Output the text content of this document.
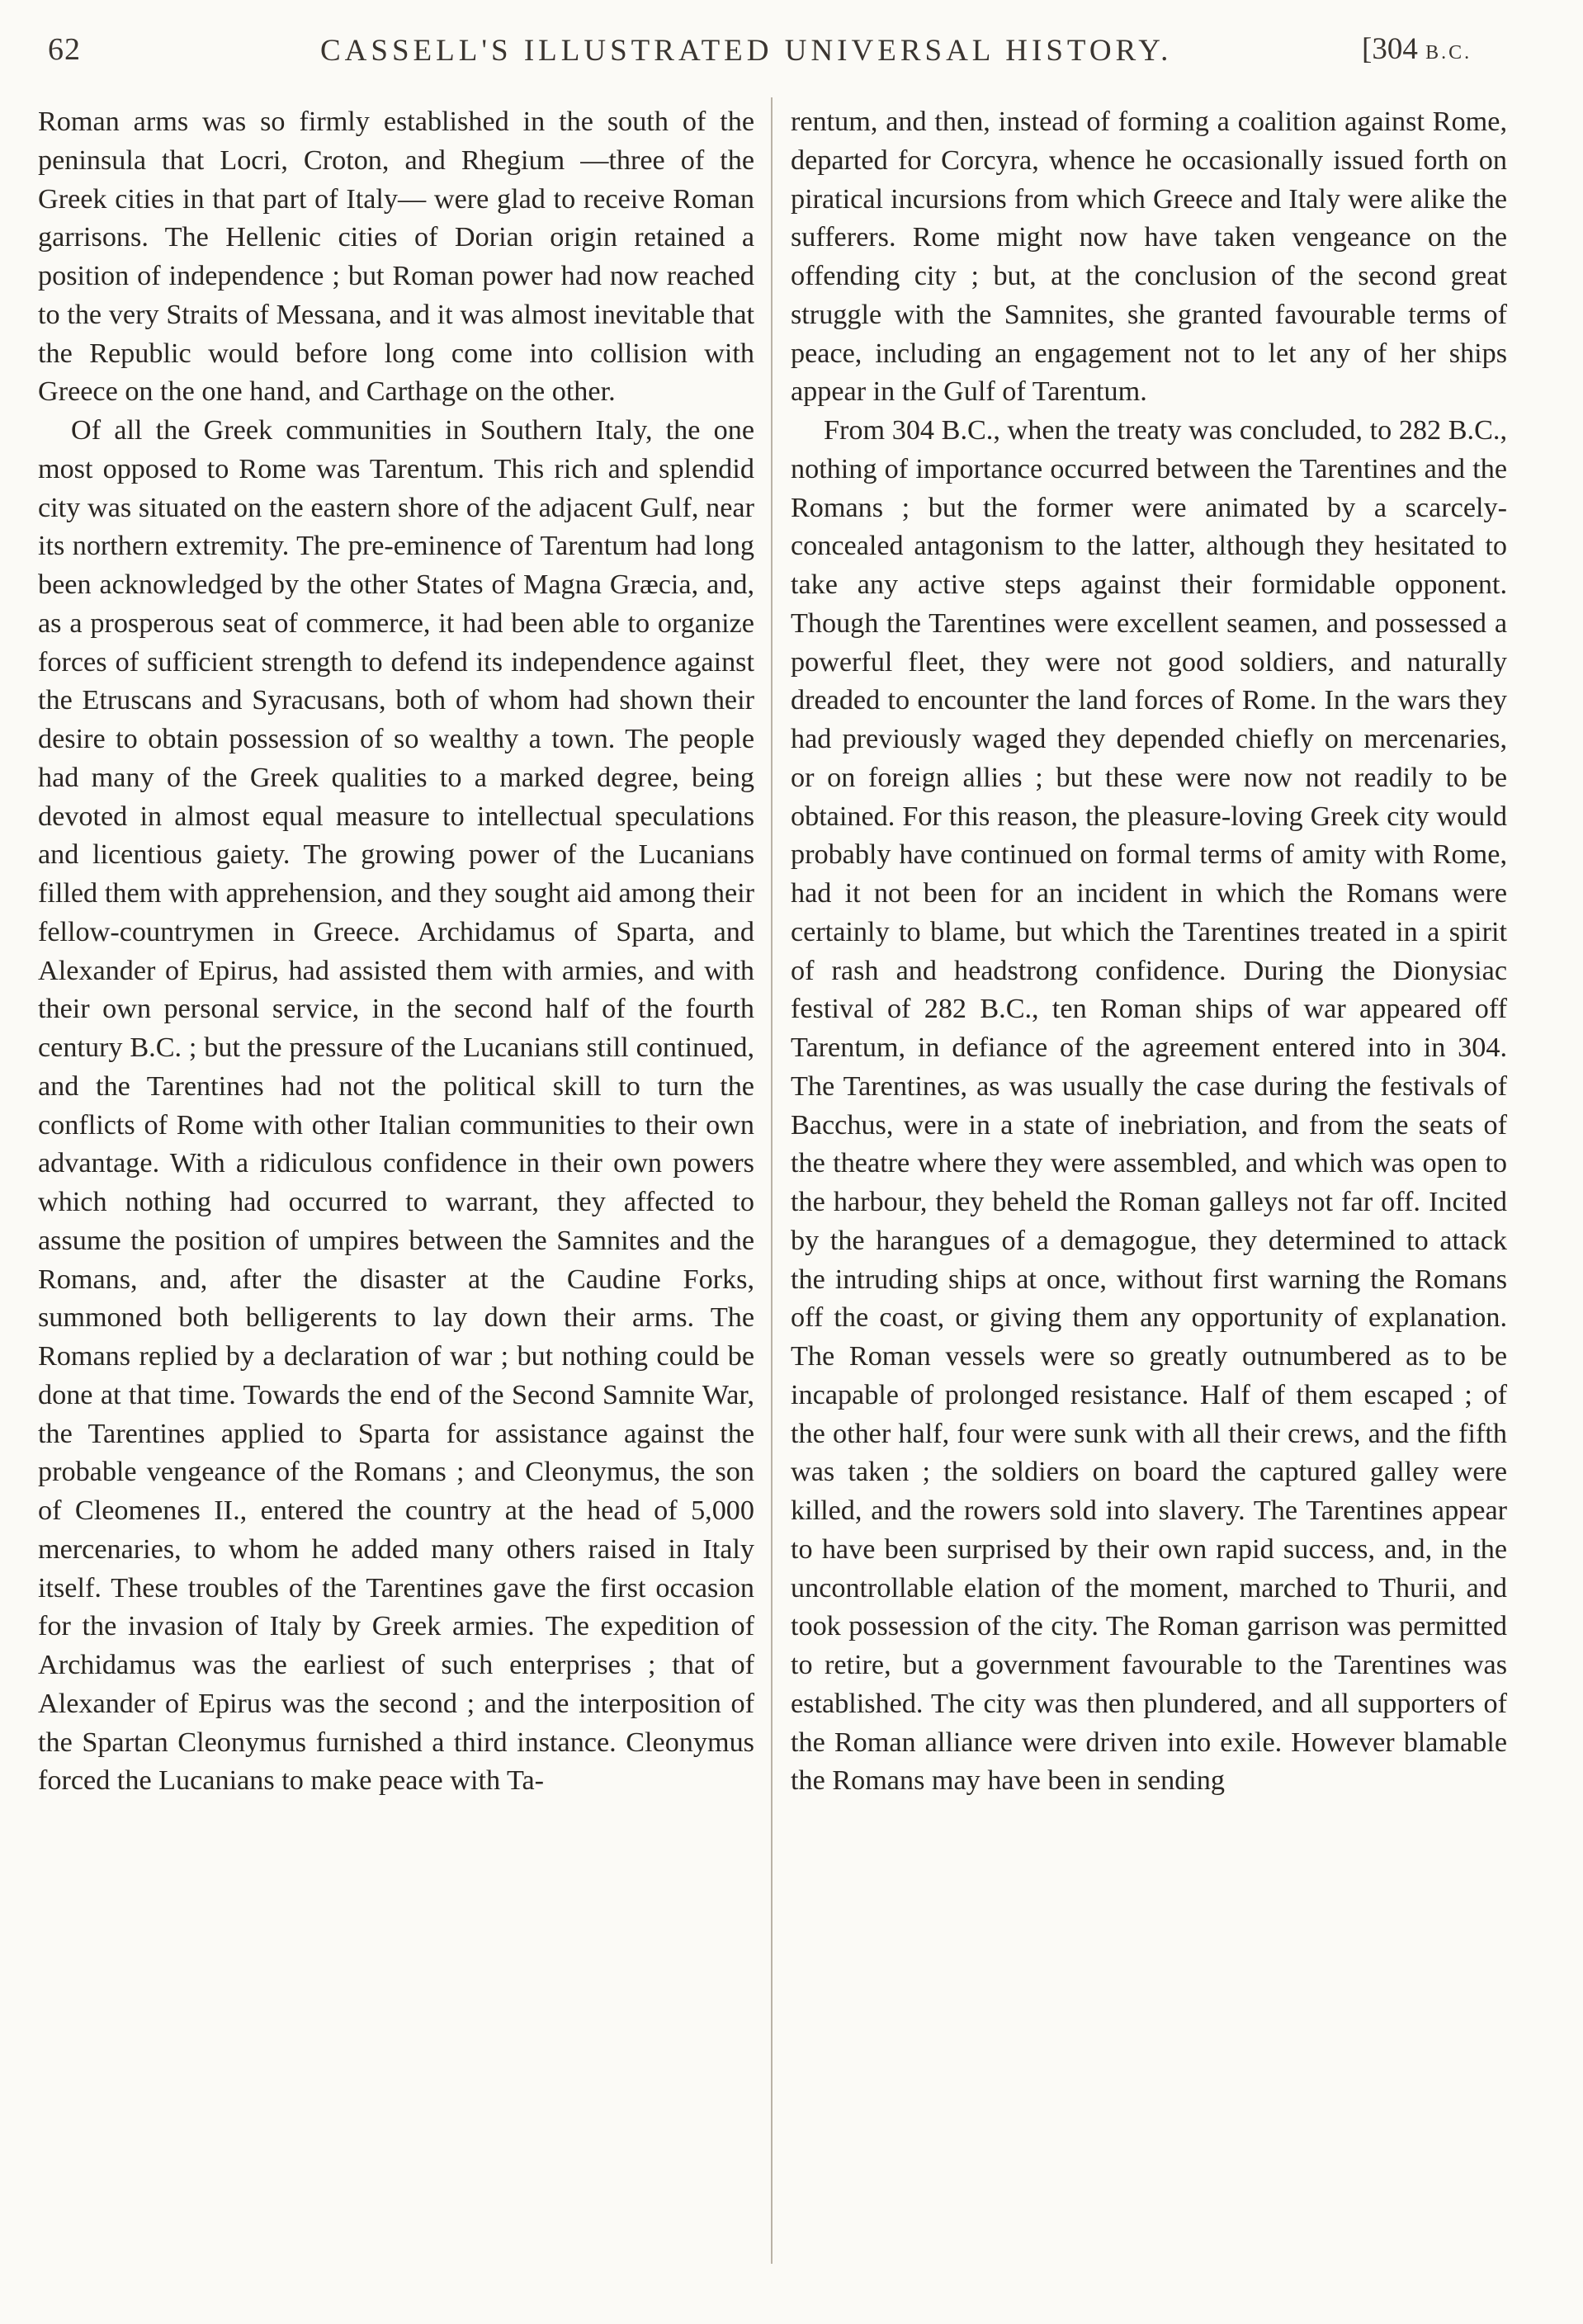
62	CASSELL'S ILLUSTRATED UNIVERSAL HISTORY.	[304 B.C.

Roman arms was so firmly established in the south of the peninsula that Locri, Croton, and Rhegium —three of the Greek cities in that part of Italy— were glad to receive Roman garrisons. The Hellenic cities of Dorian origin retained a position of independence ; but Roman power had now reached to the very Straits of Messana, and it was almost inevitable that the Republic would before long come into collision with Greece on the one hand, and Carthage on the other.

Of all the Greek communities in Southern Italy, the one most opposed to Rome was Tarentum. This rich and splendid city was situated on the eastern shore of the adjacent Gulf, near its northern extremity. The pre-eminence of Tarentum had long been acknowledged by the other States of Magna Græcia, and, as a prosperous seat of commerce, it had been able to organize forces of sufficient strength to defend its independence against the Etruscans and Syracusans, both of whom had shown their desire to obtain possession of so wealthy a town. The people had many of the Greek qualities to a marked degree, being devoted in almost equal measure to intellectual speculations and licentious gaiety. The growing power of the Lucanians filled them with apprehension, and they sought aid among their fellow-countrymen in Greece. Archidamus of Sparta, and Alexander of Epirus, had assisted them with armies, and with their own personal service, in the second half of the fourth century B.C. ; but the pressure of the Lucanians still continued, and the Tarentines had not the political skill to turn the conflicts of Rome with other Italian communities to their own advantage. With a ridiculous confidence in their own powers which nothing had occurred to warrant, they affected to assume the position of umpires between the Samnites and the Romans, and, after the disaster at the Caudine Forks, summoned both belligerents to lay down their arms. The Romans replied by a declaration of war ; but nothing could be done at that time. Towards the end of the Second Samnite War, the Tarentines applied to Sparta for assistance against the probable vengeance of the Romans ; and Cleonymus, the son of Cleomenes II., entered the country at the head of 5,000 mercenaries, to whom he added many others raised in Italy itself. These troubles of the Tarentines gave the first occasion for the invasion of Italy by Greek armies. The expedition of Archidamus was the earliest of such enterprises ; that of Alexander of Epirus was the second ; and the interposition of the Spartan Cleonymus furnished a third instance. Cleonymus forced the Lucanians to make peace with Ta-

rentum, and then, instead of forming a coalition against Rome, departed for Corcyra, whence he occasionally issued forth on piratical incursions from which Greece and Italy were alike the sufferers. Rome might now have taken vengeance on the offending city ; but, at the conclusion of the second great struggle with the Samnites, she granted favourable terms of peace, including an engagement not to let any of her ships appear in the Gulf of Tarentum.

From 304 B.C., when the treaty was concluded, to 282 B.C., nothing of importance occurred between the Tarentines and the Romans ; but the former were animated by a scarcely-concealed antagonism to the latter, although they hesitated to take any active steps against their formidable opponent. Though the Tarentines were excellent seamen, and possessed a powerful fleet, they were not good soldiers, and naturally dreaded to encounter the land forces of Rome. In the wars they had previously waged they depended chiefly on mercenaries, or on foreign allies ; but these were now not readily to be obtained. For this reason, the pleasure-loving Greek city would probably have continued on formal terms of amity with Rome, had it not been for an incident in which the Romans were certainly to blame, but which the Tarentines treated in a spirit of rash and headstrong confidence. During the Dionysiac festival of 282 B.C., ten Roman ships of war appeared off Tarentum, in defiance of the agreement entered into in 304. The Tarentines, as was usually the case during the festivals of Bacchus, were in a state of inebriation, and from the seats of the theatre where they were assembled, and which was open to the harbour, they beheld the Roman galleys not far off. Incited by the harangues of a demagogue, they determined to attack the intruding ships at once, without first warning the Romans off the coast, or giving them any opportunity of explanation. The Roman vessels were so greatly outnumbered as to be incapable of prolonged resistance. Half of them escaped ; of the other half, four were sunk with all their crews, and the fifth was taken ; the soldiers on board the captured galley were killed, and the rowers sold into slavery. The Tarentines appear to have been surprised by their own rapid success, and, in the uncontrollable elation of the moment, marched to Thurii, and took possession of the city. The Roman garrison was permitted to retire, but a government favourable to the Tarentines was established. The city was then plundered, and all supporters of the Roman alliance were driven into exile. However blamable the Romans may have been in sending
